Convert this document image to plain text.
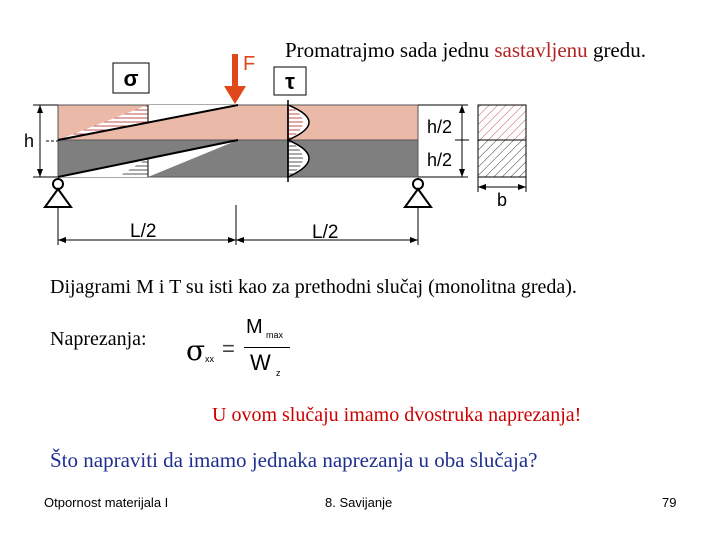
σ	τ
F
h
h/2
h/2
b
L/2	L/2
Promatrajmo sada jednu sastavljenu gredu.
Dijagrami M i T su isti kao za prethodni slučaj (monolitna greda).
Naprezanja: σ xx =
M max
W z
U ovom slučaju imamo dvostruka naprezanja!
Što napraviti da imamo jednaka naprezanja u oba slučaja?
Otpornost materijala I	8. Savijanje	79
